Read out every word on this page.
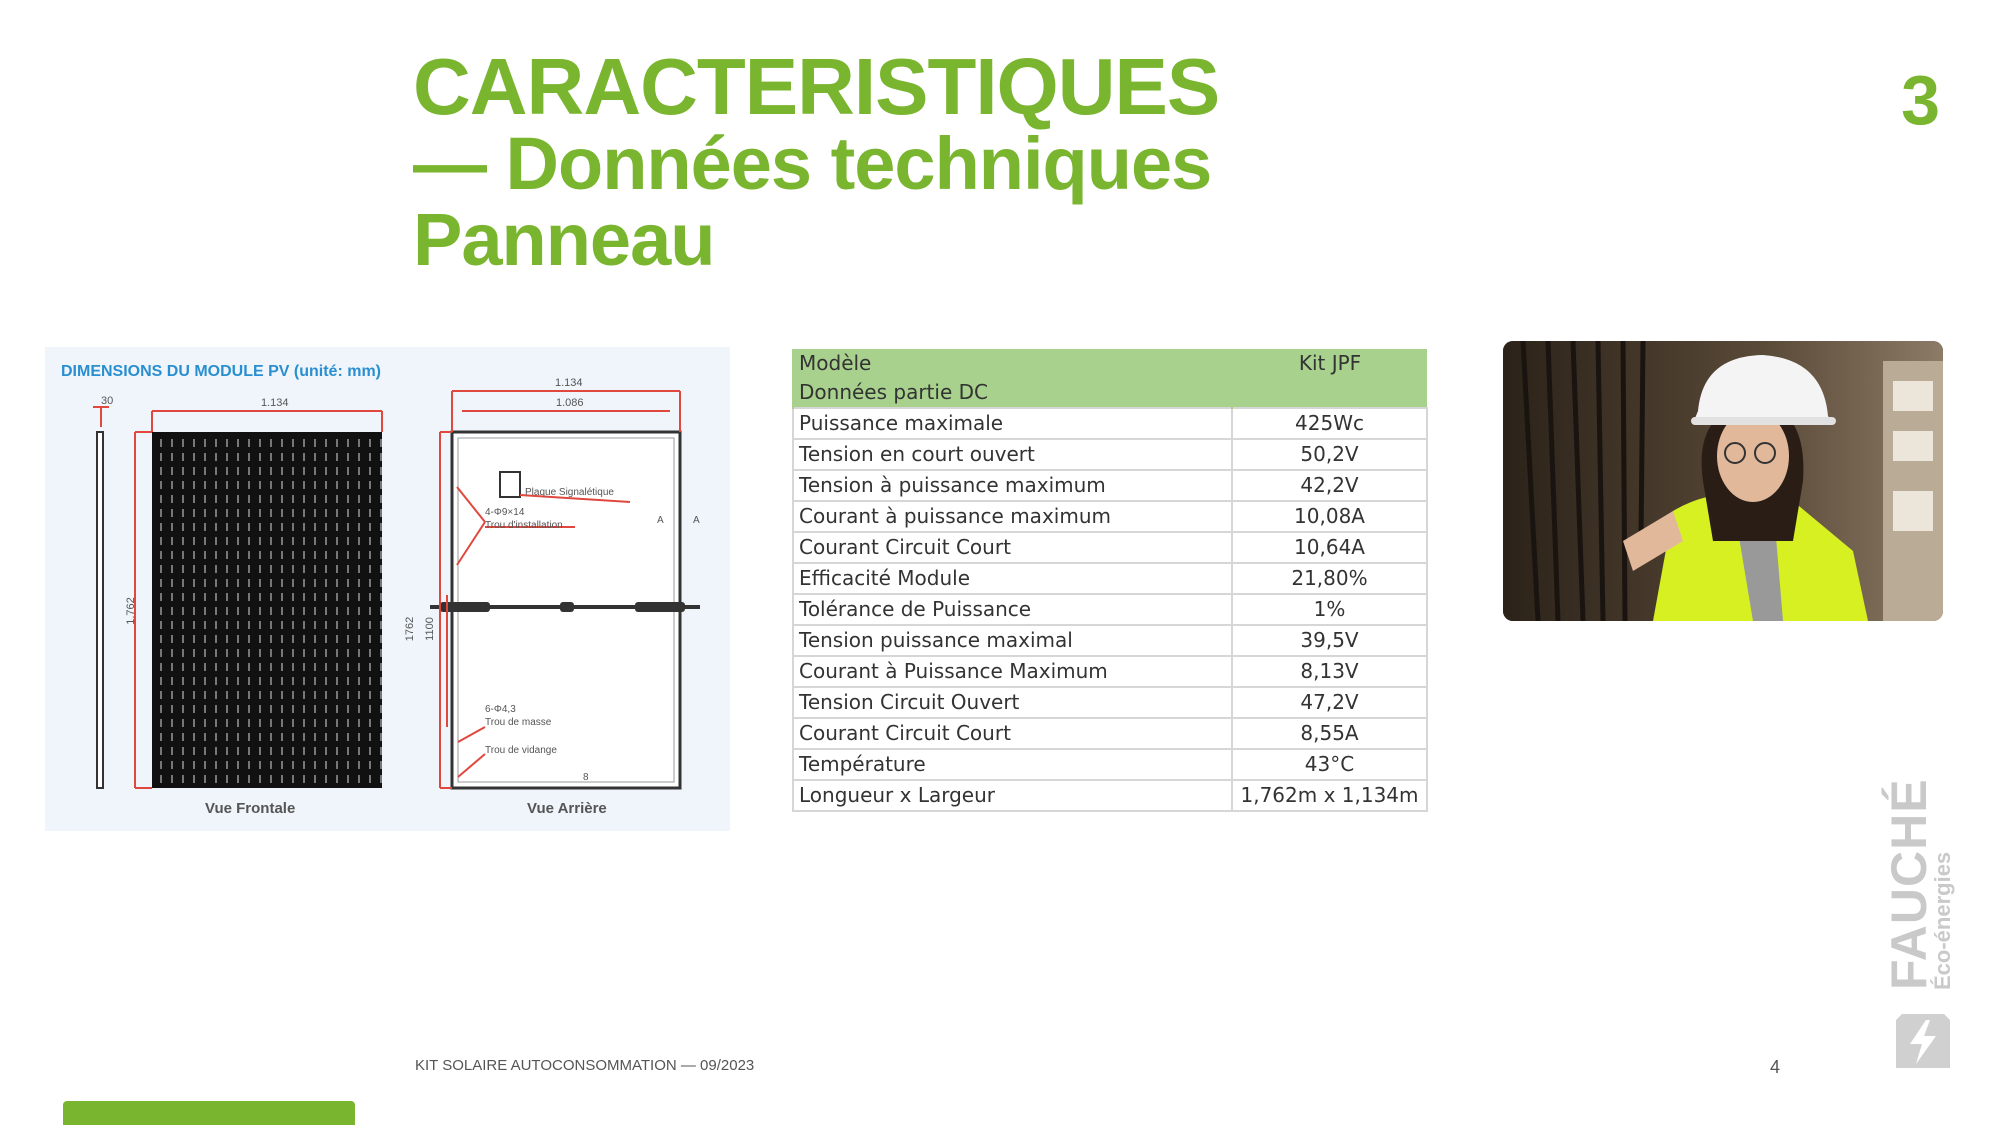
CARACTERISTIQUES
— Données techniques
Panneau
3
DIMENSIONS DU MODULE PV (unité: mm)
30	1.134
1.134
1.086
1.762
1762 1100
Plaque Signalétique
4-Φ9×14
Trou d'installation
6-Φ4,3
Trou de masse
Trou de vidange
A	A
8
Vue Frontale	Vue Arrière
Modèle	Kit JPF
Données partie DC	
Puissance maximale	425Wc
Tension en court ouvert	50,2V
Tension à puissance maximum	42,2V
Courant à puissance maximum	10,08A
Courant Circuit Court	10,64A
Efficacité Module	21,80%
Tolérance de Puissance	1%
Tension puissance maximal	39,5V
Courant à Puissance Maximum	8,13V
Tension Circuit Ouvert	47,2V
Courant Circuit Court	8,55A
Température	43°C
Longueur x Largeur	1,762m x 1,134m
KIT SOLAIRE AUTOCONSOMMATION — 09/2023	4
FAUCHÉ
Éco-énergies
